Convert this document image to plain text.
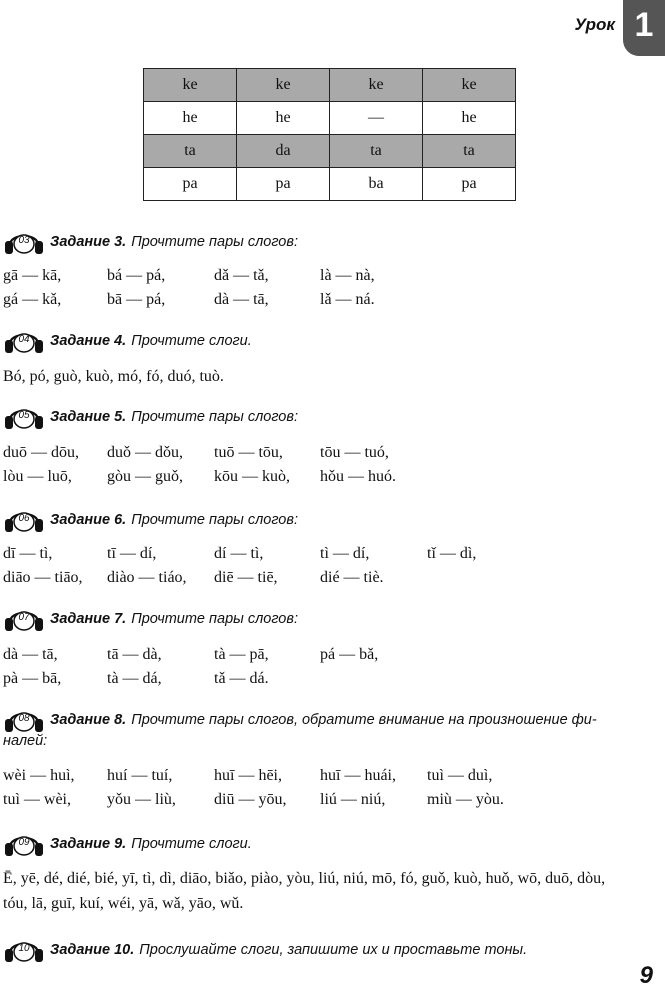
Урок 1
ke	ke	ke	ke
he	he	—	he
ta	da	ta	ta
pa	pa	ba	pa
03 Задание 3. Прочтите пары слогов:
gā — kā,	bá — pá,	dǎ — tǎ,	là — nà,
gá — kǎ,	bā — pá,	dà — tā,	lǎ — ná.
04 Задание 4. Прочтите слоги.
Bó, pó, guò, kuò, mó, fó, duó, tuò.
05 Задание 5. Прочтите пары слогов:
duō — dōu, duǒ — dǒu, tuō — tōu, tōu — tuó,
lòu — luō, gòu — guǒ, kōu — kuò, hǒu — huó.
06 Задание 6. Прочтите пары слогов:
dī — tì,	tī — dí,	dí — tì,	tì — dí,	tǐ — dì,
diāo — tiāo, diào — tiáo, diē — tiē,	dié — tiè.
07 Задание 7. Прочтите пары слогов:
dà — tā,	tā — dà,	tà — pā,	pá — bǎ,
pà — bā,	tà — dá,	tǎ — dá.
08 Задание 8. Прочтите пары слогов, обратите внимание на произношение фи-
налей:
wèi — huì, huí — tuí,	huī — hēi, huī — huái, tuì — duì,
tuì — wèi, yǒu — liù, diū — yōu, liú — niú,	miù — yòu.
09 Задание 9. Прочтите слоги.
Ē, yē, dé, dié, bié, yī, tì, dì, diāo, biǎo, piào, yòu, liú, niú, mō, fó, guǒ, kuò, huǒ, wō, duō, dòu,
tóu, lā, guī, kuí, wéi, yā, wǎ, yāo, wǔ.
10 Задание 10. Прослушайте слоги, запишите их и проставьте тоны.
9
